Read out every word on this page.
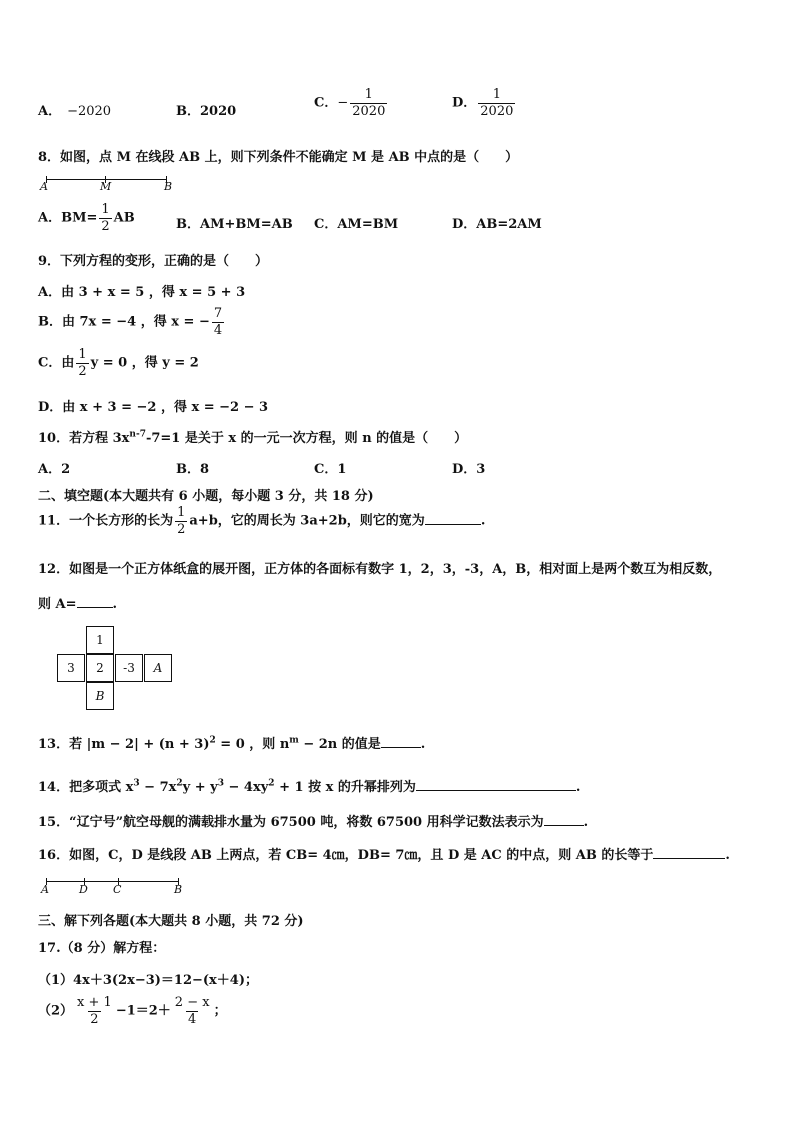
A． −2020	B．2020
C．− $\frac{1}{2020}$	D． $\frac{1}{2020}$
8．如图，点 M 在线段 AB 上，则下列条件不能确定 M 是 AB 中点的是（　　）
A	M	B
A．$BM= \frac{1}{2}$ AB	B．AM+BM=AB C．AM=BM	D．AB=2AM
9．下列方程的变形，正确的是（　　）
A．由 3 + x = 5 ，得 x = 5 + 3
B．由 7x = −4 ，得 x = − $\frac{7}{4}$
C．由 $\frac{1}{2}$ y = 0 ，得 y = 2
D．由 x + 3 = −2 ，得 x = −2 − 3
10．若方程 $3x^{n-7}-7=1$ 是关于 x 的一元一次方程，则 n 的值是（　　）
A．2	B．8	C．1	D．3
二、填空题(本大题共有 6 小题，每小题 3 分，共 18 分)
11．一个长方形的长为 $\frac{1}{2} a+b$，它的周长为 3a+2b，则它的宽为	.
12．如图是一个正方体纸盒的展开图，正方体的各面标有数字 1，2，3，-3，A，B，相对面上是两个数互为相反数，
则 A=	.
1
3	2	-3	A
B
13．若 $|m - 2| + (n + 3)^2 = 0$ ，则 $n^m - 2n$ 的值是	.
14．把多项式 $x^3 - 7x^2y + y^3 - 4xy^2 + 1$ 按 x 的升幂排列为	.
15．“辽宁号”航空母舰的满载排水量为 67500 吨，将数 67500 用科学记数法表示为	.
16．如图，C，D 是线段 AB 上两点，若 CB= 4㎝，DB= 7㎝，且 D 是 AC 的中点，则 AB 的长等于	.
A	D C	B
三、解下列各题(本大题共 8 小题，共 72 分)
17.（8 分）解方程：
（1）4x＋3(2x−3)＝12−(x＋4)；
$(2) \frac{x + 1}{2} -1=2+ \frac{2 - x}{4}$ ；
